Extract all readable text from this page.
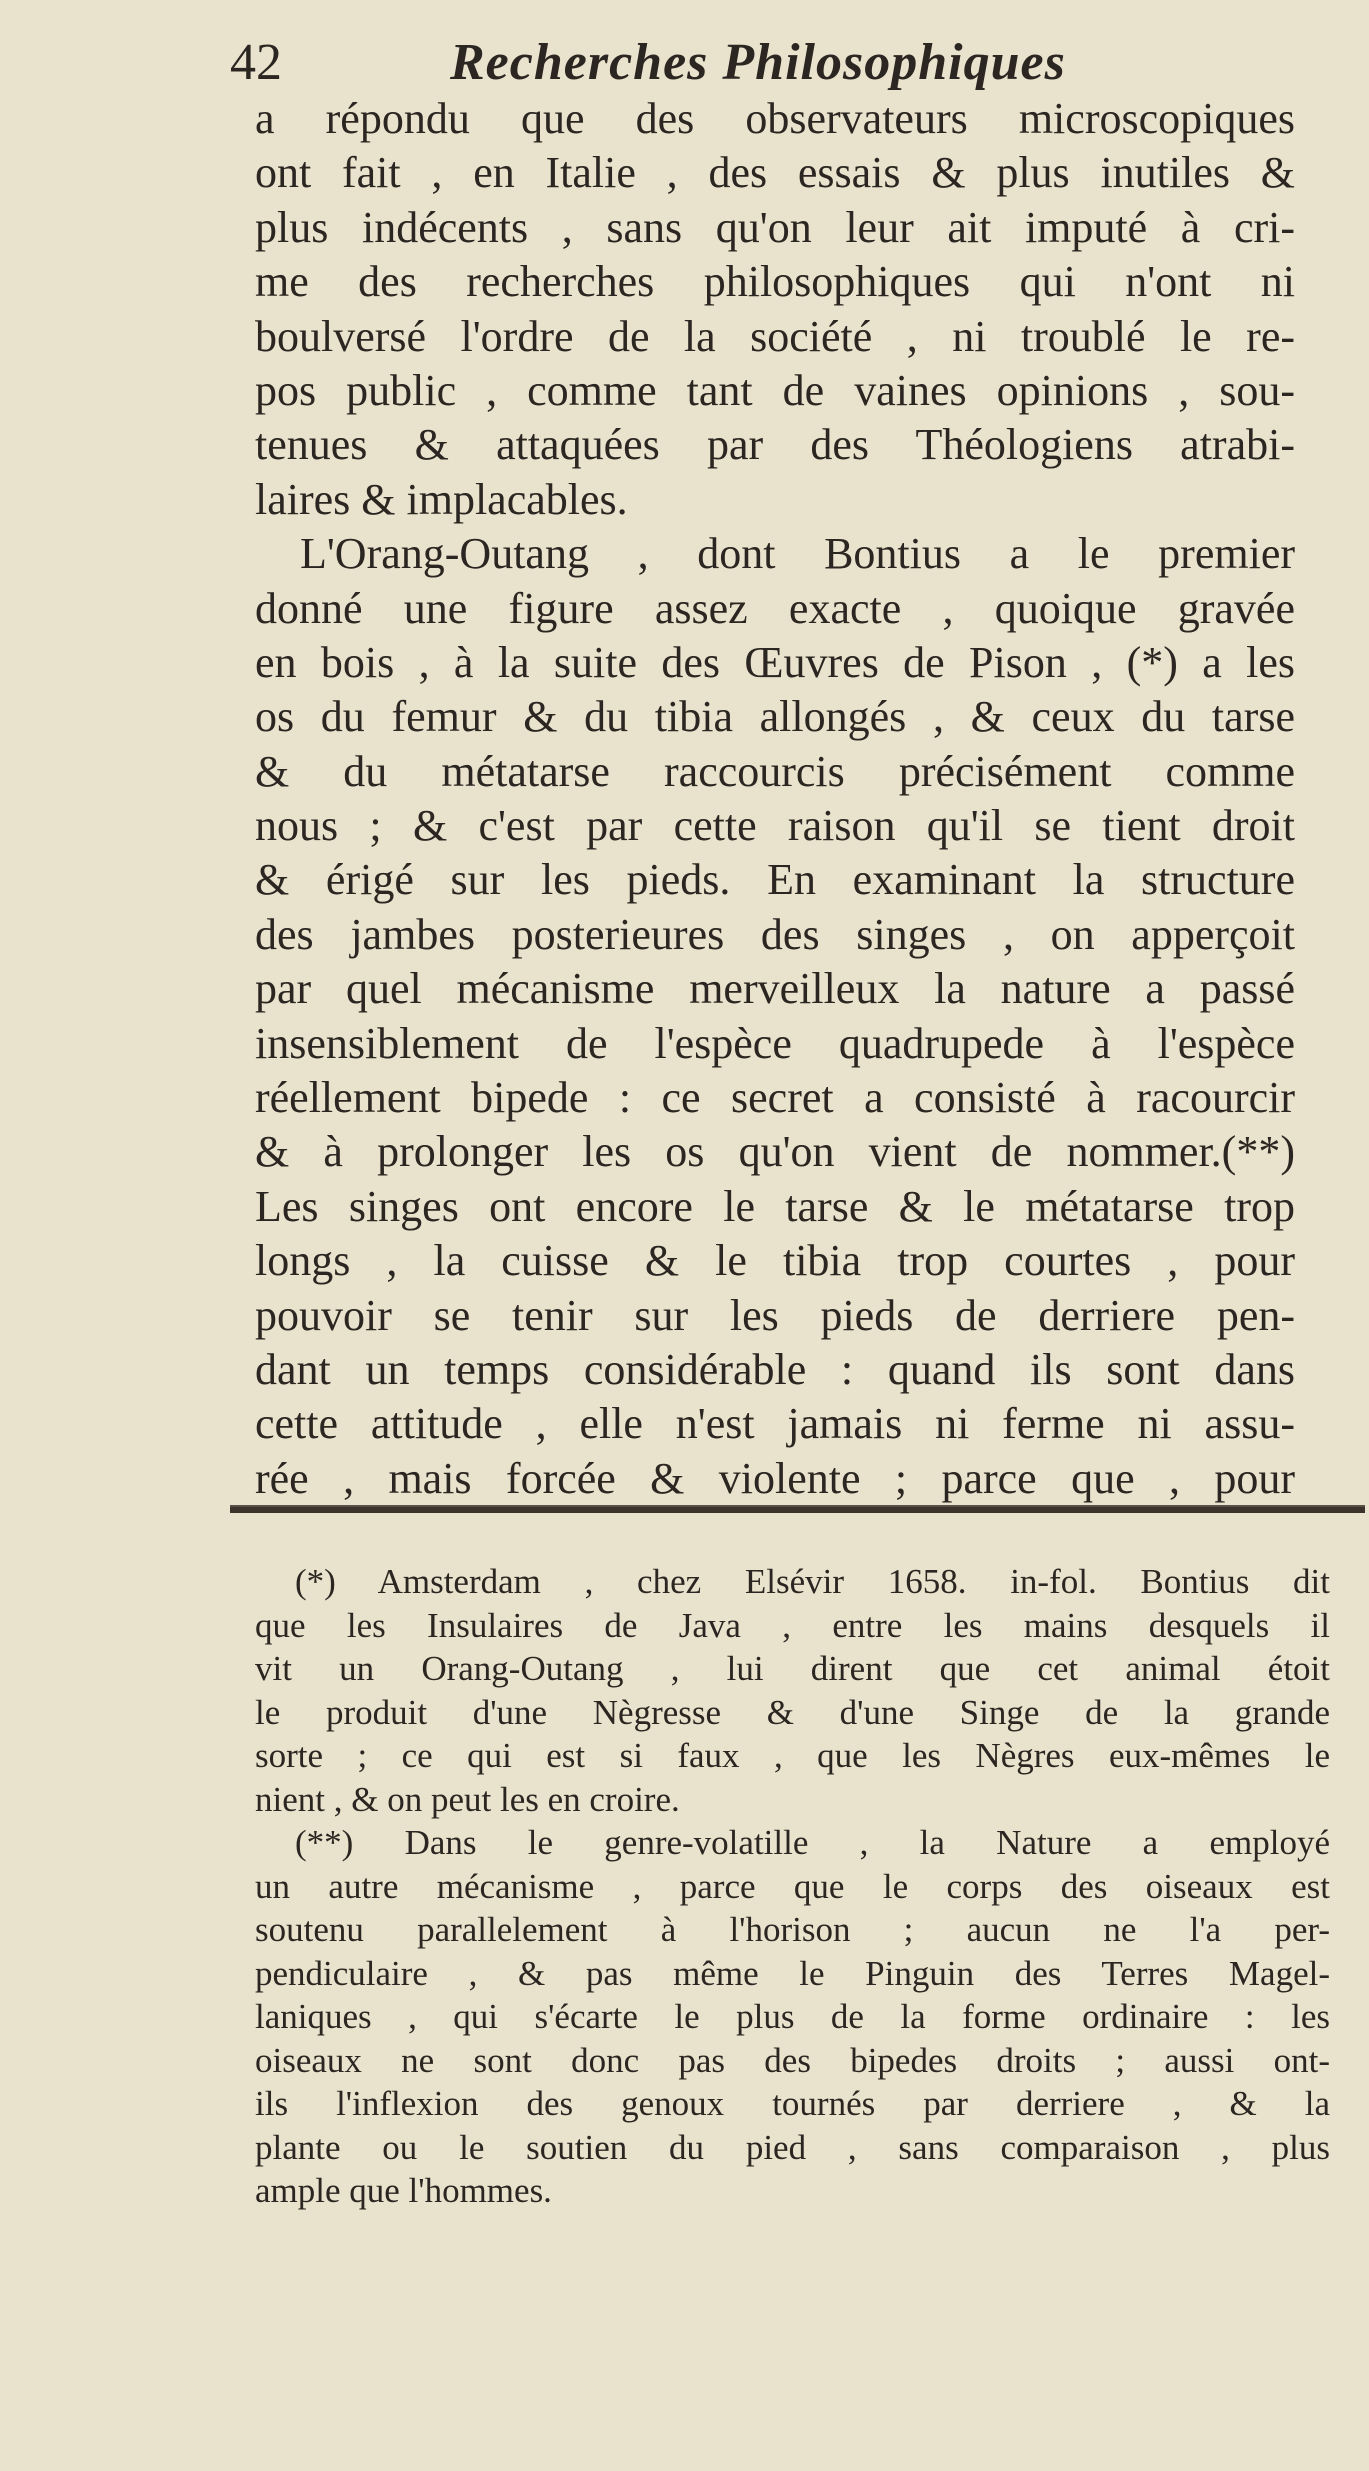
42	Recherches Philosophiques
a répondu que des observateurs microscopiques
ont fait , en Italie , des essais & plus inutiles &
plus indécents , sans qu'on leur ait imputé à cri-
me des recherches philosophiques qui n'ont ni
boulversé l'ordre de la société , ni troublé le re-
pos public , comme tant de vaines opinions , sou-
tenues & attaquées par des Théologiens atrabi-
laires & implacables.
L'Orang-Outang , dont Bontius a le premier
donné une figure assez exacte , quoique gravée
en bois , à la suite des Œuvres de Pison , (*) a les
os du femur & du tibia allongés , & ceux du tarse
& du métatarse raccourcis précisément comme
nous ; & c'est par cette raison qu'il se tient droit
& érigé sur les pieds. En examinant la structure
des jambes posterieures des singes , on apperçoit
par quel mécanisme merveilleux la nature a passé
insensiblement de l'espèce quadrupede à l'espèce
réellement bipede : ce secret a consisté à racourcir
& à prolonger les os qu'on vient de nommer.(**)
Les singes ont encore le tarse & le métatarse trop
longs , la cuisse & le tibia trop courtes , pour
pouvoir se tenir sur les pieds de derriere pen-
dant un temps considérable : quand ils sont dans
cette attitude , elle n'est jamais ni ferme ni assu-
rée , mais forcée & violente ; parce que , pour
(*) Amsterdam , chez Elsévir 1658. in-fol. Bontius dit
que les Insulaires de Java , entre les mains desquels il
vit un Orang-Outang , lui dirent que cet animal étoit
le produit d'une Nègresse & d'une Singe de la grande
sorte ; ce qui est si faux , que les Nègres eux-mêmes le
nient , & on peut les en croire.
(**) Dans le genre-volatille , la Nature a employé
un autre mécanisme , parce que le corps des oiseaux est
soutenu parallelement à l'horison ; aucun ne l'a per-
pendiculaire , & pas même le Pinguin des Terres Magel-
laniques , qui s'écarte le plus de la forme ordinaire : les
oiseaux ne sont donc pas des bipedes droits ; aussi ont-
ils l'inflexion des genoux tournés par derriere , & la
plante ou le soutien du pied , sans comparaison , plus
ample que l'hommes.
